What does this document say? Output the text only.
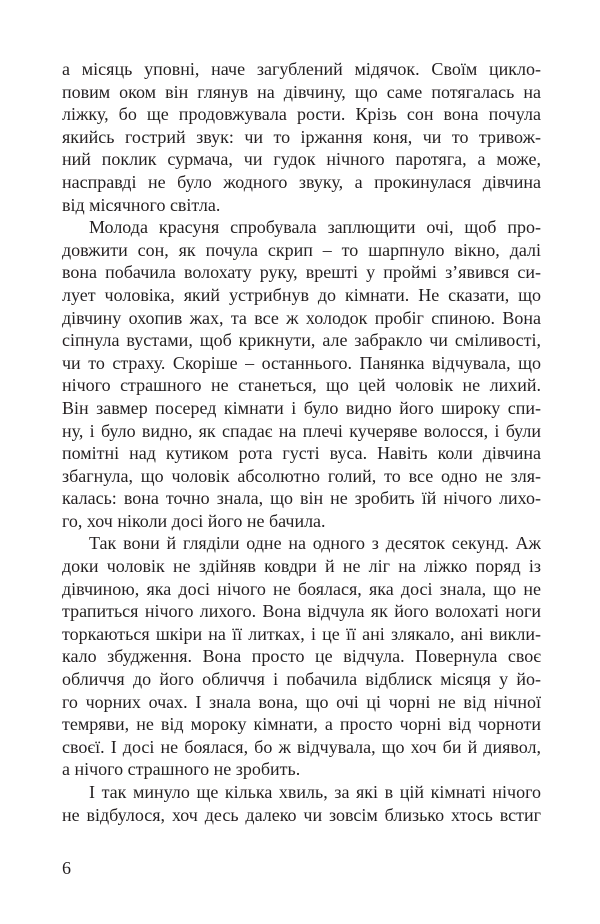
а місяць уповні, наче загублений мідячок. Своїм цикло-
повим оком він глянув на дівчину, що саме потягалась на
ліжку, бо ще продовжувала рости. Крізь сон вона почула
якийсь гострий звук: чи то іржання коня, чи то тривож-
ний поклик сурмача, чи гудок нічного паротяга, а може,
насправді не було жодного звуку, а прокинулася дівчина
від місячного світла.
Молода красуня спробувала заплющити очі, щоб про-
довжити сон, як почула скрип – то шарпнуло вікно, далі
вона побачила волохату руку, врешті у проймі з’явився си-
лует чоловіка, який устрибнув до кімнати. Не сказати, що
дівчину охопив жах, та все ж холодок пробіг спиною. Вона
сіпнула вустами, щоб крикнути, але забракло чи сміливості,
чи то страху. Скоріше – останнього. Панянка відчувала, що
нічого страшного не станеться, що цей чоловік не лихий.
Він завмер посеред кімнати і було видно його широку спи-
ну, і було видно, як спадає на плечі кучеряве волосся, і були
помітні над кутиком рота густі вуса. Навіть коли дівчина
збагнула, що чоловік абсолютно голий, то все одно не зля-
калась: вона точно знала, що він не зробить їй нічого лихо-
го, хоч ніколи досі його не бачила.
Так вони й гляділи одне на одного з десяток секунд. Аж
доки чоловік не здійняв ковдри й не ліг на ліжко поряд із
дівчиною, яка досі нічого не боялася, яка досі знала, що не
трапиться нічого лихого. Вона відчула як його волохаті ноги
торкаються шкіри на її литках, і це її ані злякало, ані викли-
кало збудження. Вона просто це відчула. Повернула своє
обличчя до його обличчя і побачила відблиск місяця у йо-
го чорних очах. І знала вона, що очі ці чорні не від нічної
темряви, не від мороку кімнати, а просто чорні від чорноти
своєї. І досі не боялася, бо ж відчувала, що хоч би й диявол,
а нічого страшного не зробить.
І так минуло ще кілька хвиль, за які в цій кімнаті нічого
не відбулося, хоч десь далеко чи зовсім близько хтось встиг
6
